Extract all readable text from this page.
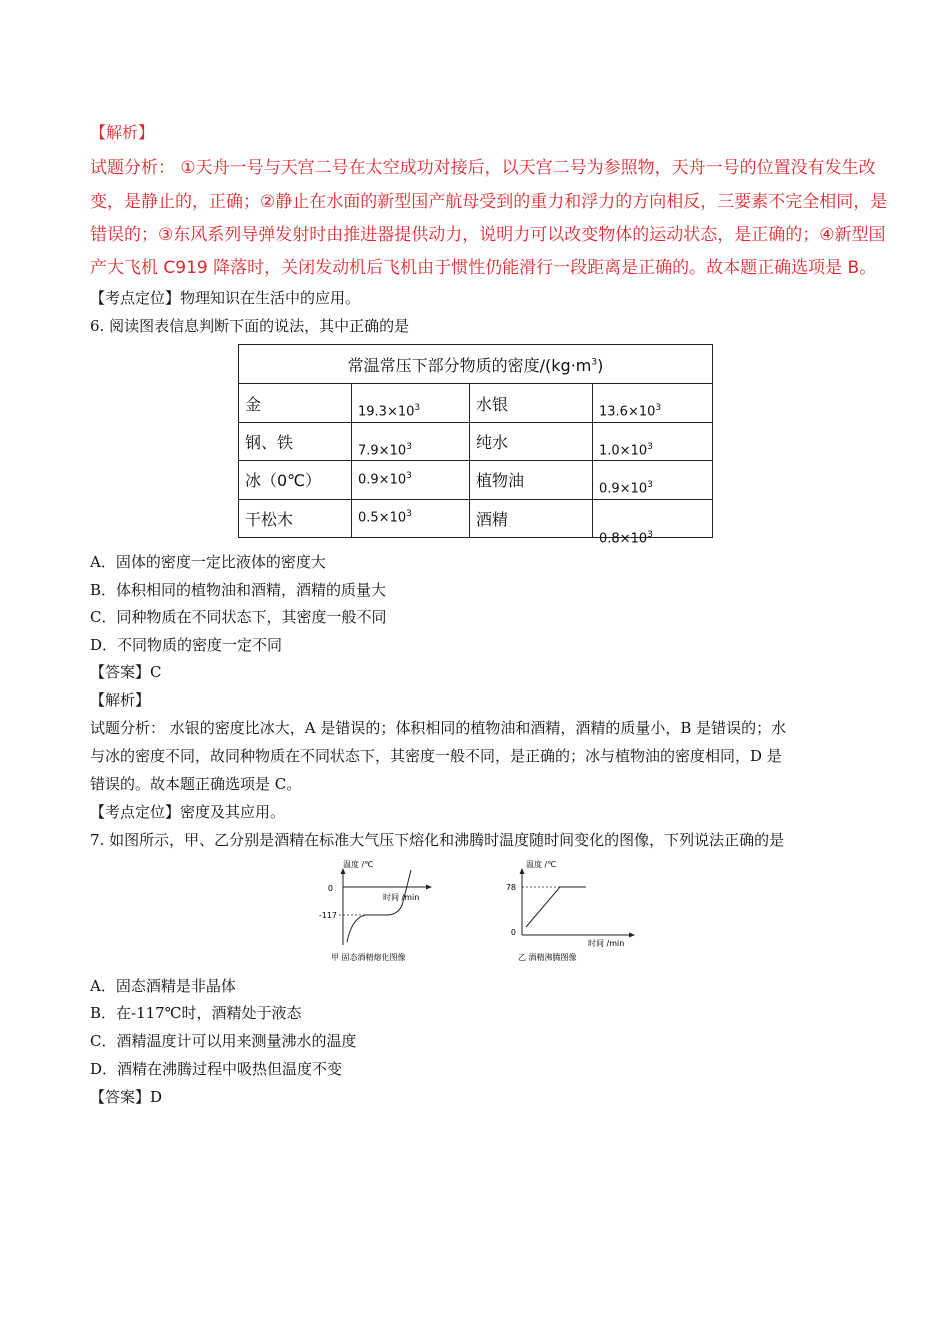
【解析】
试题分析： ①天舟一号与天宫二号在太空成功对接后，以天宫二号为参照物，天舟一号的位置没有发生改
变，是静止的，正确；②静止在水面的新型国产航母受到的重力和浮力的方向相反，三要素不完全相同，是
错误的；③东风系列导弹发射时由推进器提供动力，说明力可以改变物体的运动状态，是正确的；④新型国
产大飞机 C919 降落时，关闭发动机后飞机由于惯性仍能滑行一段距离是正确的。故本题正确选项是 B。
【考点定位】物理知识在生活中的应用。
6. 阅读图表信息判断下面的说法，其中正确的是
常温常压下部分物质的密度$/(kg\cdot m^3)$			
金	$19.3\times 10^3$	水银	$13.6\times 10^3$
钢、铁	$7.9\times 10^3$	纯水	$1.0\times 10^3$
冰（0℃）	$0.9\times 10^3$	植物油	$0.9\times 10^3$
干松木	$0.5\times 10^3$	酒精	$0.8\times 10^3$
A．固体的密度一定比液体的密度大
B．体积相同的植物油和酒精，酒精的质量大
C．同种物质在不同状态下，其密度一般不同
D．不同物质的密度一定不同
【答案】C
【解析】
试题分析： 水银的密度比冰大，A 是错误的；体积相同的植物油和酒精，酒精的质量小，B 是错误的；水
与冰的密度不同，故同种物质在不同状态下，其密度一般不同，是正确的；冰与植物油的密度相同，D 是
错误的。故本题正确选项是 C。
【考点定位】密度及其应用。
7. 如图所示，甲、乙分别是酒精在标准大气压下熔化和沸腾时温度随时间变化的图像，下列说法正确的是
温度 /℃
0
-117
时间 /min
甲 固态酒精熔化图像
温度 /℃
78
0
时间 /min
乙 酒精沸腾图像
A．固态酒精是非晶体
B．在-117℃时，酒精处于液态
C．酒精温度计可以用来测量沸水的温度
D．酒精在沸腾过程中吸热但温度不变
【答案】D
